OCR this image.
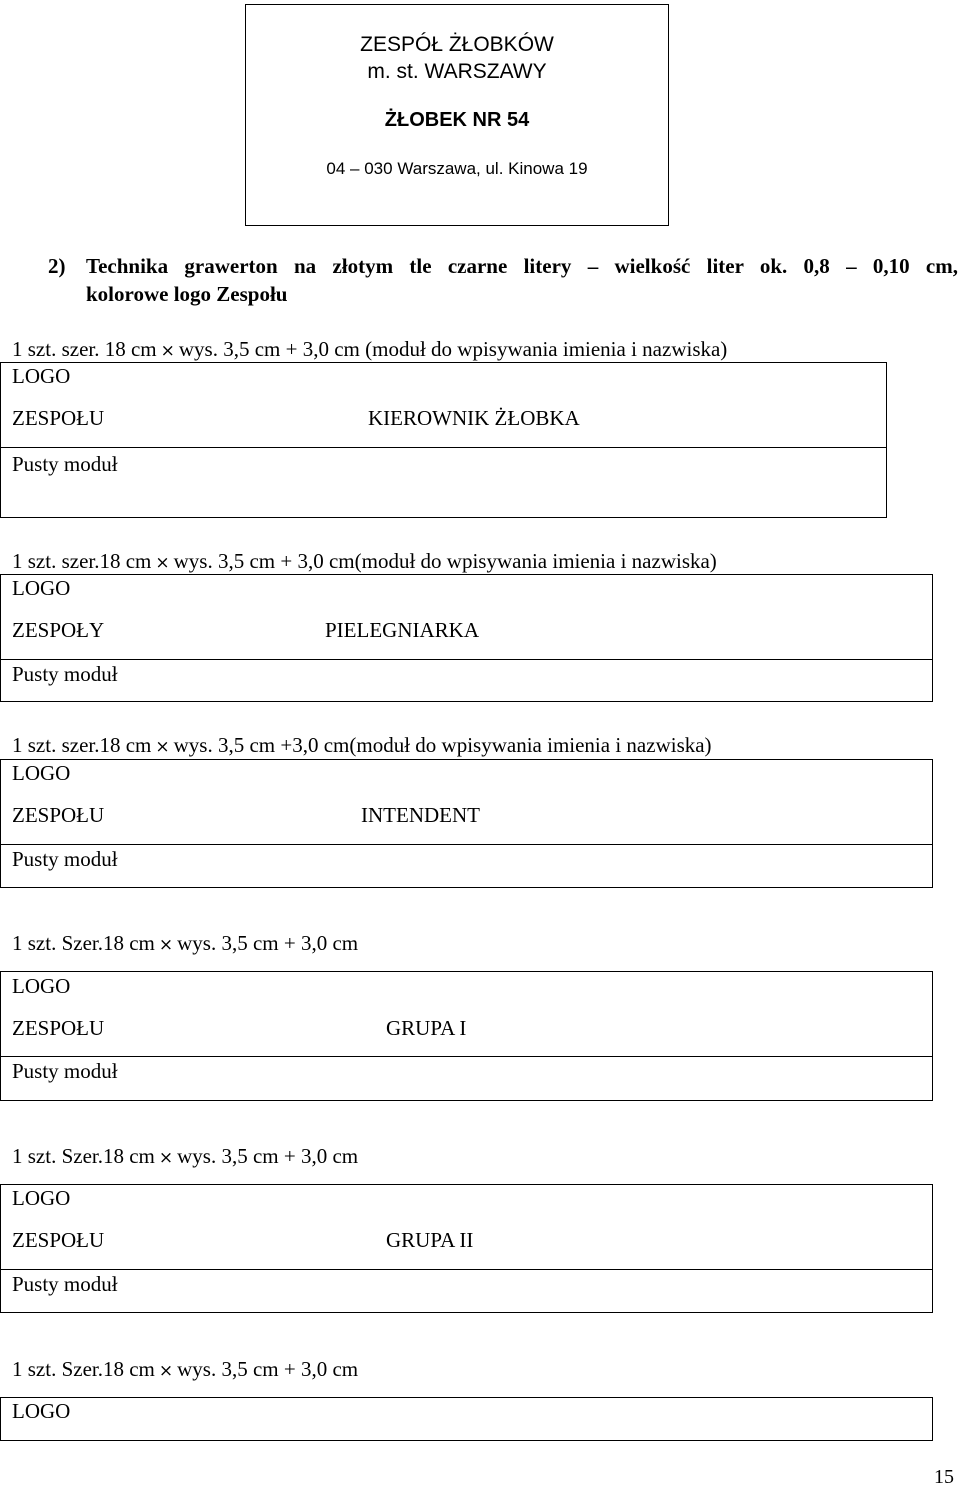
ZESPÓŁ ŻŁOBKÓW
m. st. WARSZAWY
ŻŁOBEK NR 54
04 – 030 Warszawa, ul. Kinowa 19
2) Technika grawerton na złotym tle czarne litery – wielkość liter ok. 0,8 – 0,10 cm,
kolorowe logo Zespołu
1 szt. szer. 18 cm × wys. 3,5 cm + 3,0 cm (moduł do wpisywania imienia i nazwiska)
LOGO
ZESPOŁU	KIEROWNIK ŻŁOBKA
Pusty moduł
1 szt. szer.18 cm × wys. 3,5 cm + 3,0 cm(moduł do wpisywania imienia i nazwiska)
LOGO
ZESPOŁY	PIELEGNIARKA
Pusty moduł
1 szt. szer.18 cm × wys. 3,5 cm +3,0 cm(moduł do wpisywania imienia i nazwiska)
LOGO
ZESPOŁU	INTENDENT
Pusty moduł
1 szt. Szer.18 cm × wys. 3,5 cm + 3,0 cm
LOGO
ZESPOŁU	GRUPA I
Pusty moduł
1 szt. Szer.18 cm × wys. 3,5 cm + 3,0 cm
LOGO
ZESPOŁU	GRUPA II
Pusty moduł
1 szt. Szer.18 cm × wys. 3,5 cm + 3,0 cm
LOGO
15
